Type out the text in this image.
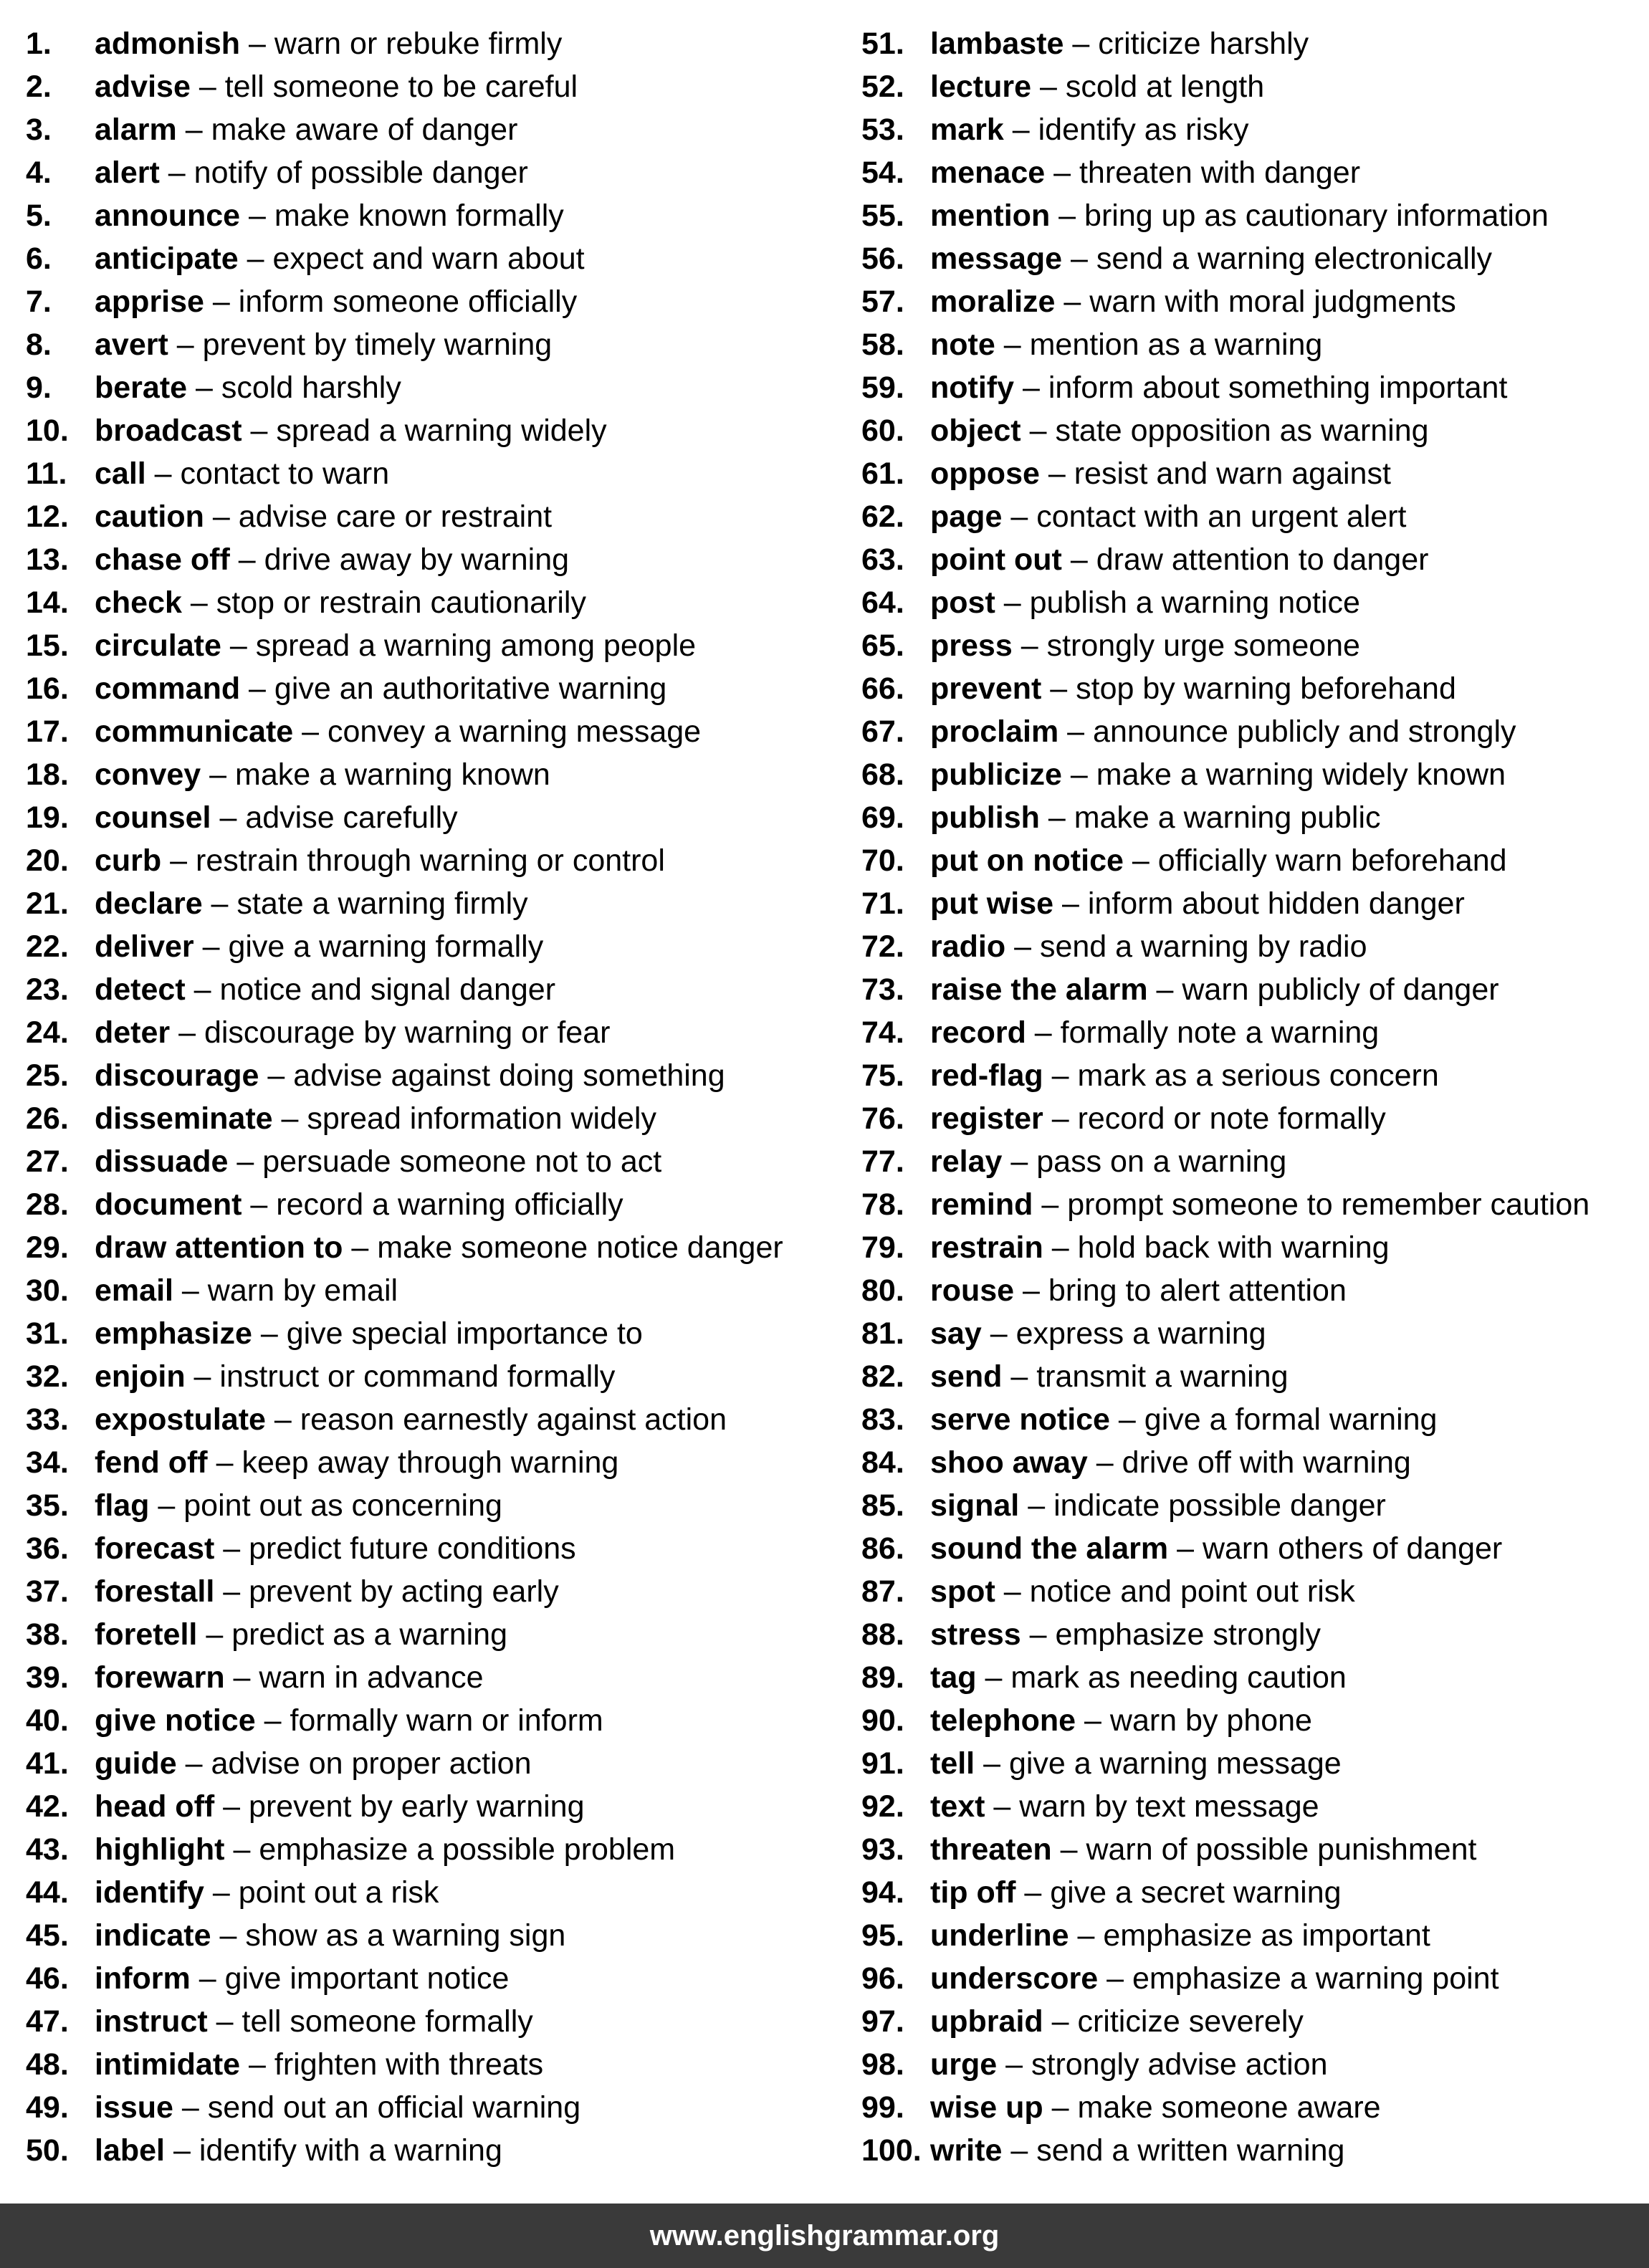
1. admonish – warn or rebuke firmly
2. advise – tell someone to be careful
3. alarm – make aware of danger
4. alert – notify of possible danger
5. announce – make known formally
6. anticipate – expect and warn about
7. apprise – inform someone officially
8. avert – prevent by timely warning
9. berate – scold harshly
10. broadcast – spread a warning widely
11. call – contact to warn
12. caution – advise care or restraint
13. chase off – drive away by warning
14. check – stop or restrain cautionarily
15. circulate – spread a warning among people
16. command – give an authoritative warning
17. communicate – convey a warning message
18. convey – make a warning known
19. counsel – advise carefully
20. curb – restrain through warning or control
21. declare – state a warning firmly
22. deliver – give a warning formally
23. detect – notice and signal danger
24. deter – discourage by warning or fear
25. discourage – advise against doing something
26. disseminate – spread information widely
27. dissuade – persuade someone not to act
28. document – record a warning officially
29. draw attention to – make someone notice danger
30. email – warn by email
31. emphasize – give special importance to
32. enjoin – instruct or command formally
33. expostulate – reason earnestly against action
34. fend off – keep away through warning
35. flag – point out as concerning
36. forecast – predict future conditions
37. forestall – prevent by acting early
38. foretell – predict as a warning
39. forewarn – warn in advance
40. give notice – formally warn or inform
41. guide – advise on proper action
42. head off – prevent by early warning
43. highlight – emphasize a possible problem
44. identify – point out a risk
45. indicate – show as a warning sign
46. inform – give important notice
47. instruct – tell someone formally
48. intimidate – frighten with threats
49. issue – send out an official warning
50. label – identify with a warning
51. lambaste – criticize harshly
52. lecture – scold at length
53. mark – identify as risky
54. menace – threaten with danger
55. mention – bring up as cautionary information
56. message – send a warning electronically
57. moralize – warn with moral judgments
58. note – mention as a warning
59. notify – inform about something important
60. object – state opposition as warning
61. oppose – resist and warn against
62. page – contact with an urgent alert
63. point out – draw attention to danger
64. post – publish a warning notice
65. press – strongly urge someone
66. prevent – stop by warning beforehand
67. proclaim – announce publicly and strongly
68. publicize – make a warning widely known
69. publish – make a warning public
70. put on notice – officially warn beforehand
71. put wise – inform about hidden danger
72. radio – send a warning by radio
73. raise the alarm – warn publicly of danger
74. record – formally note a warning
75. red-flag – mark as a serious concern
76. register – record or note formally
77. relay – pass on a warning
78. remind – prompt someone to remember caution
79. restrain – hold back with warning
80. rouse – bring to alert attention
81. say – express a warning
82. send – transmit a warning
83. serve notice – give a formal warning
84. shoo away – drive off with warning
85. signal – indicate possible danger
86. sound the alarm – warn others of danger
87. spot – notice and point out risk
88. stress – emphasize strongly
89. tag – mark as needing caution
90. telephone – warn by phone
91. tell – give a warning message
92. text – warn by text message
93. threaten – warn of possible punishment
94. tip off – give a secret warning
95. underline – emphasize as important
96. underscore – emphasize a warning point
97. upbraid – criticize severely
98. urge – strongly advise action
99. wise up – make someone aware
100. write – send a written warning
www.englishgrammar.org
